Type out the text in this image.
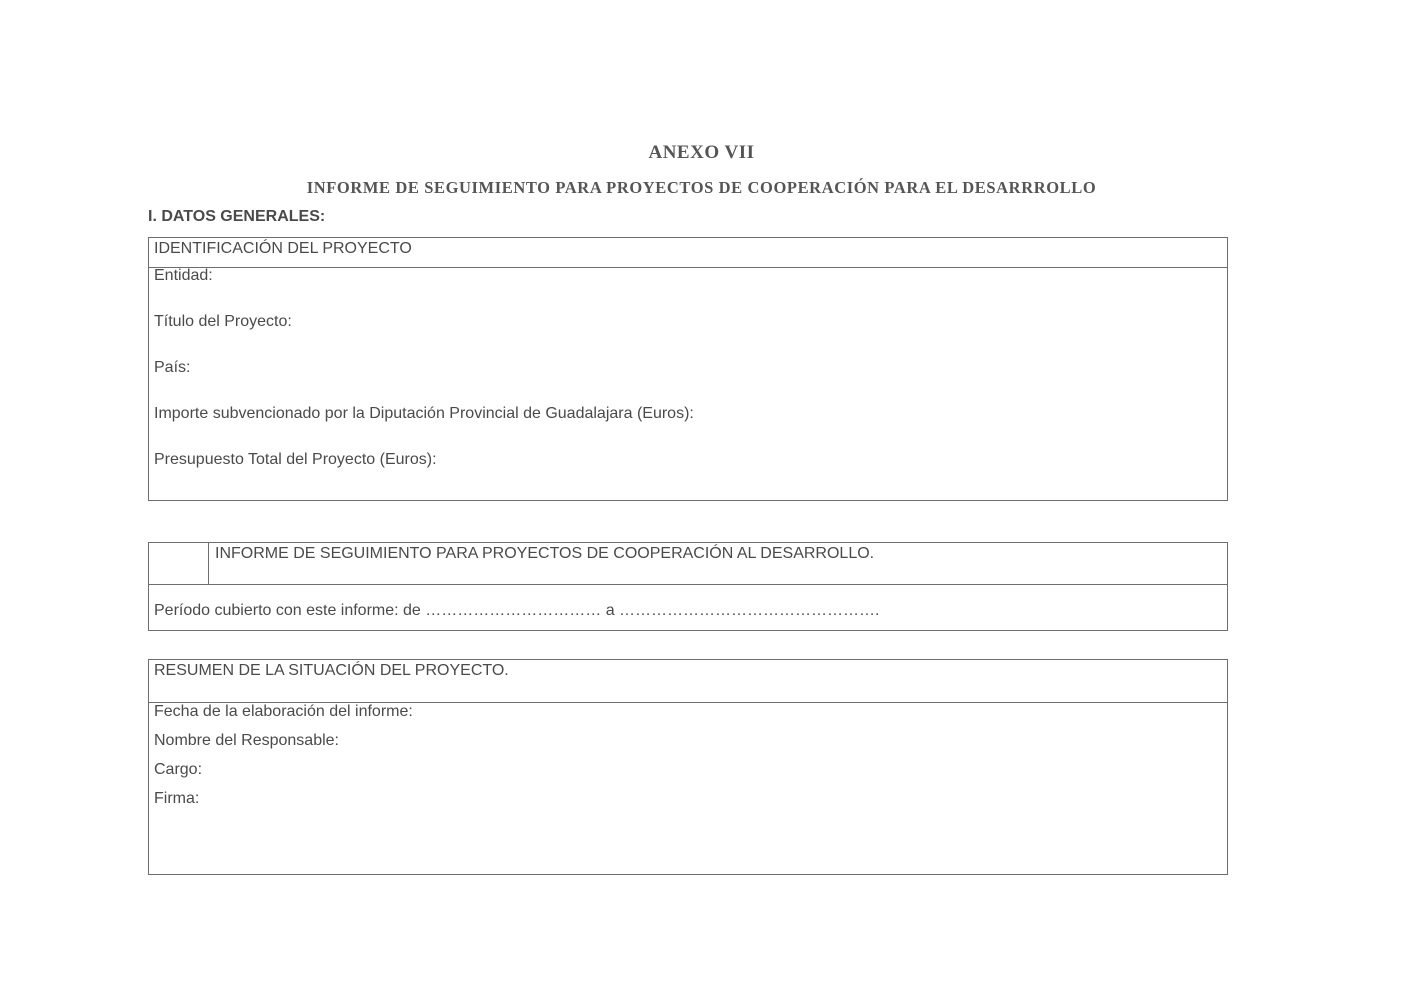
ANEXO VII
INFORME DE SEGUIMIENTO PARA PROYECTOS DE COOPERACIÓN PARA EL DESARRROLLO

I. DATOS GENERALES:

IDENTIFICACIÓN DEL PROYECTO
Entidad:
Título del Proyecto:
País:
Importe subvencionado por la Diputación Provincial de Guadalajara (Euros):
Presupuesto Total del Proyecto (Euros):
INFORME DE SEGUIMIENTO PARA PROYECTOS DE COOPERACIÓN AL DESARROLLO.
Período cubierto con este informe: de …………………………… a ………………………………………….
RESUMEN DE LA SITUACIÓN DEL PROYECTO.
Fecha de la elaboración del informe:
Nombre del Responsable:
Cargo:
Firma:
